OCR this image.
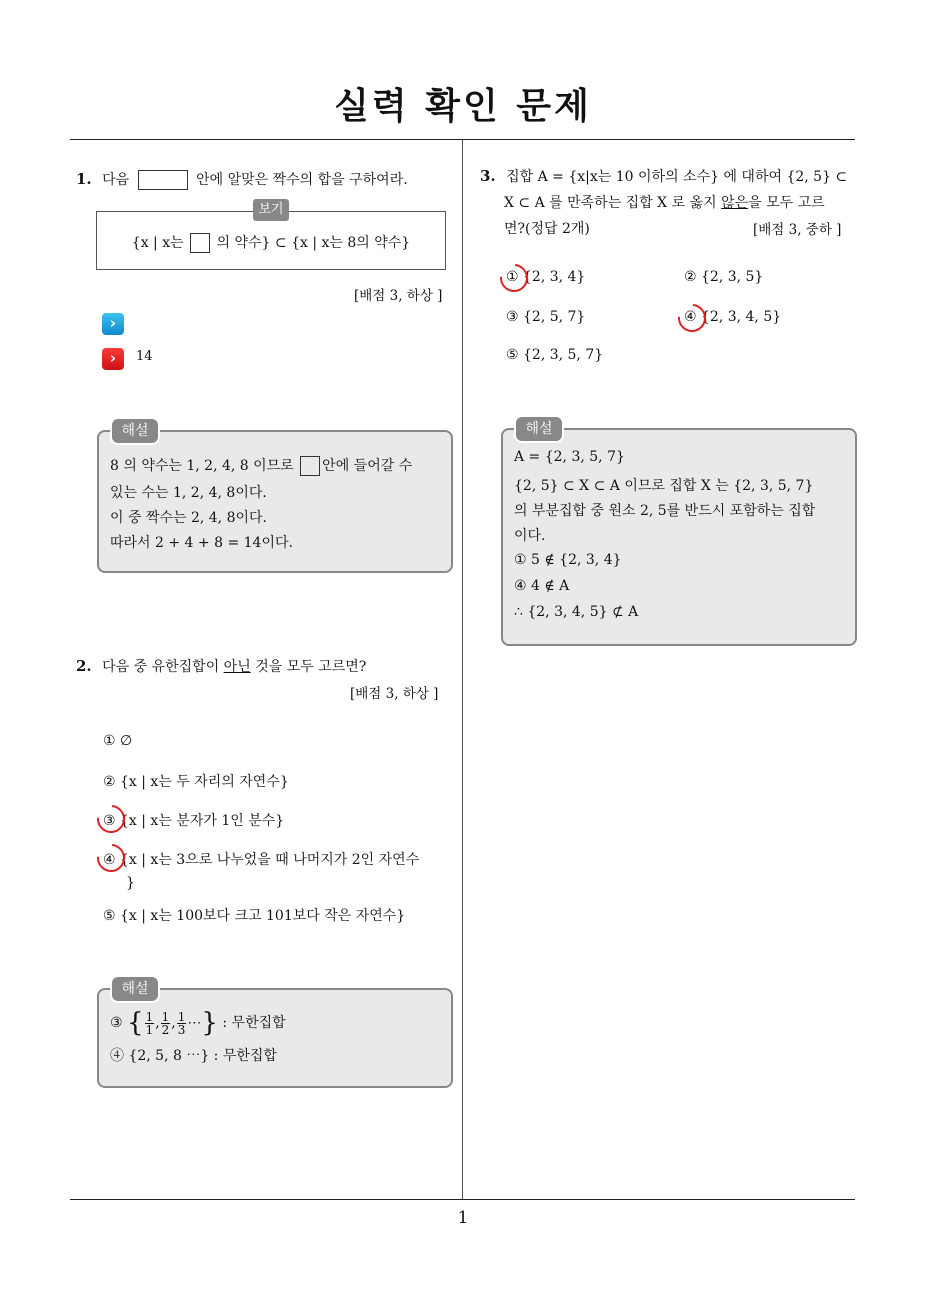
실력 확인 문제
1. 다음	안에 알맞은 짝수의 합을 구하여라.
보기
{x | x는 의 약수} ⊂ {x | x는 8의 약수}
[배점 3, 하상 ]
›
›	14
해설
8 의 약수는 1, 2, 4, 8 이므로 안에 들어갈 수
있는 수는 1, 2, 4, 8이다.
이 중 짝수는 2, 4, 8이다.
따라서 2 + 4 + 8 = 14이다.
2. 다음 중 유한집합이 아닌 것을 모두 고르면?
[배점 3, 하상 ]
① ∅
② {x | x는 두 자리의 자연수}
③ {x | x는 분자가 1인 분수}
④ {x | x는 3으로 나누었을 때 나머지가 2인 자연수
}
⑤ {x | x는 100보다 크고 101보다 작은 자연수}
해설
③ { $\frac{1}{1}$ , $\frac{1}{2}$ , $\frac{1}{3}$ ⋯} : 무한집합
④ {2, 5, 8 ⋯} : 무한집합
3. 집합 A = {x|x는 10 이하의 소수} 에 대하여 {2, 5} ⊂
X ⊂ A 를 만족하는 집합 X 로 옳지 않은을 모두 고르
면?(정답 2개)	[배점 3, 중하 ]
① {2, 3, 4}	② {2, 3, 5}
③ {2, 5, 7}	④ {2, 3, 4, 5}
⑤ {2, 3, 5, 7}
해설
A = {2, 3, 5, 7}
{2, 5} ⊂ X ⊂ A 이므로 집합 X 는 {2, 3, 5, 7}
의 부분집합 중 원소 2, 5를 반드시 포함하는 집합
이다.
① 5 ∉ {2, 3, 4}
④ 4 ∉ A
∴ {2, 3, 4, 5} ⊄ A
1
